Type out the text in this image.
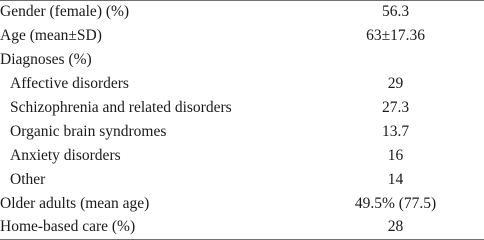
Gender (female) (%)	56.3
Age (mean±SD)	63±17.36
Diagnoses (%)
Affective disorders	29
Schizophrenia and related disorders	27.3
Organic brain syndromes	13.7
Anxiety disorders	16
Other	14
Older adults (mean age)	49.5% (77.5)
Home-based care (%)	28
